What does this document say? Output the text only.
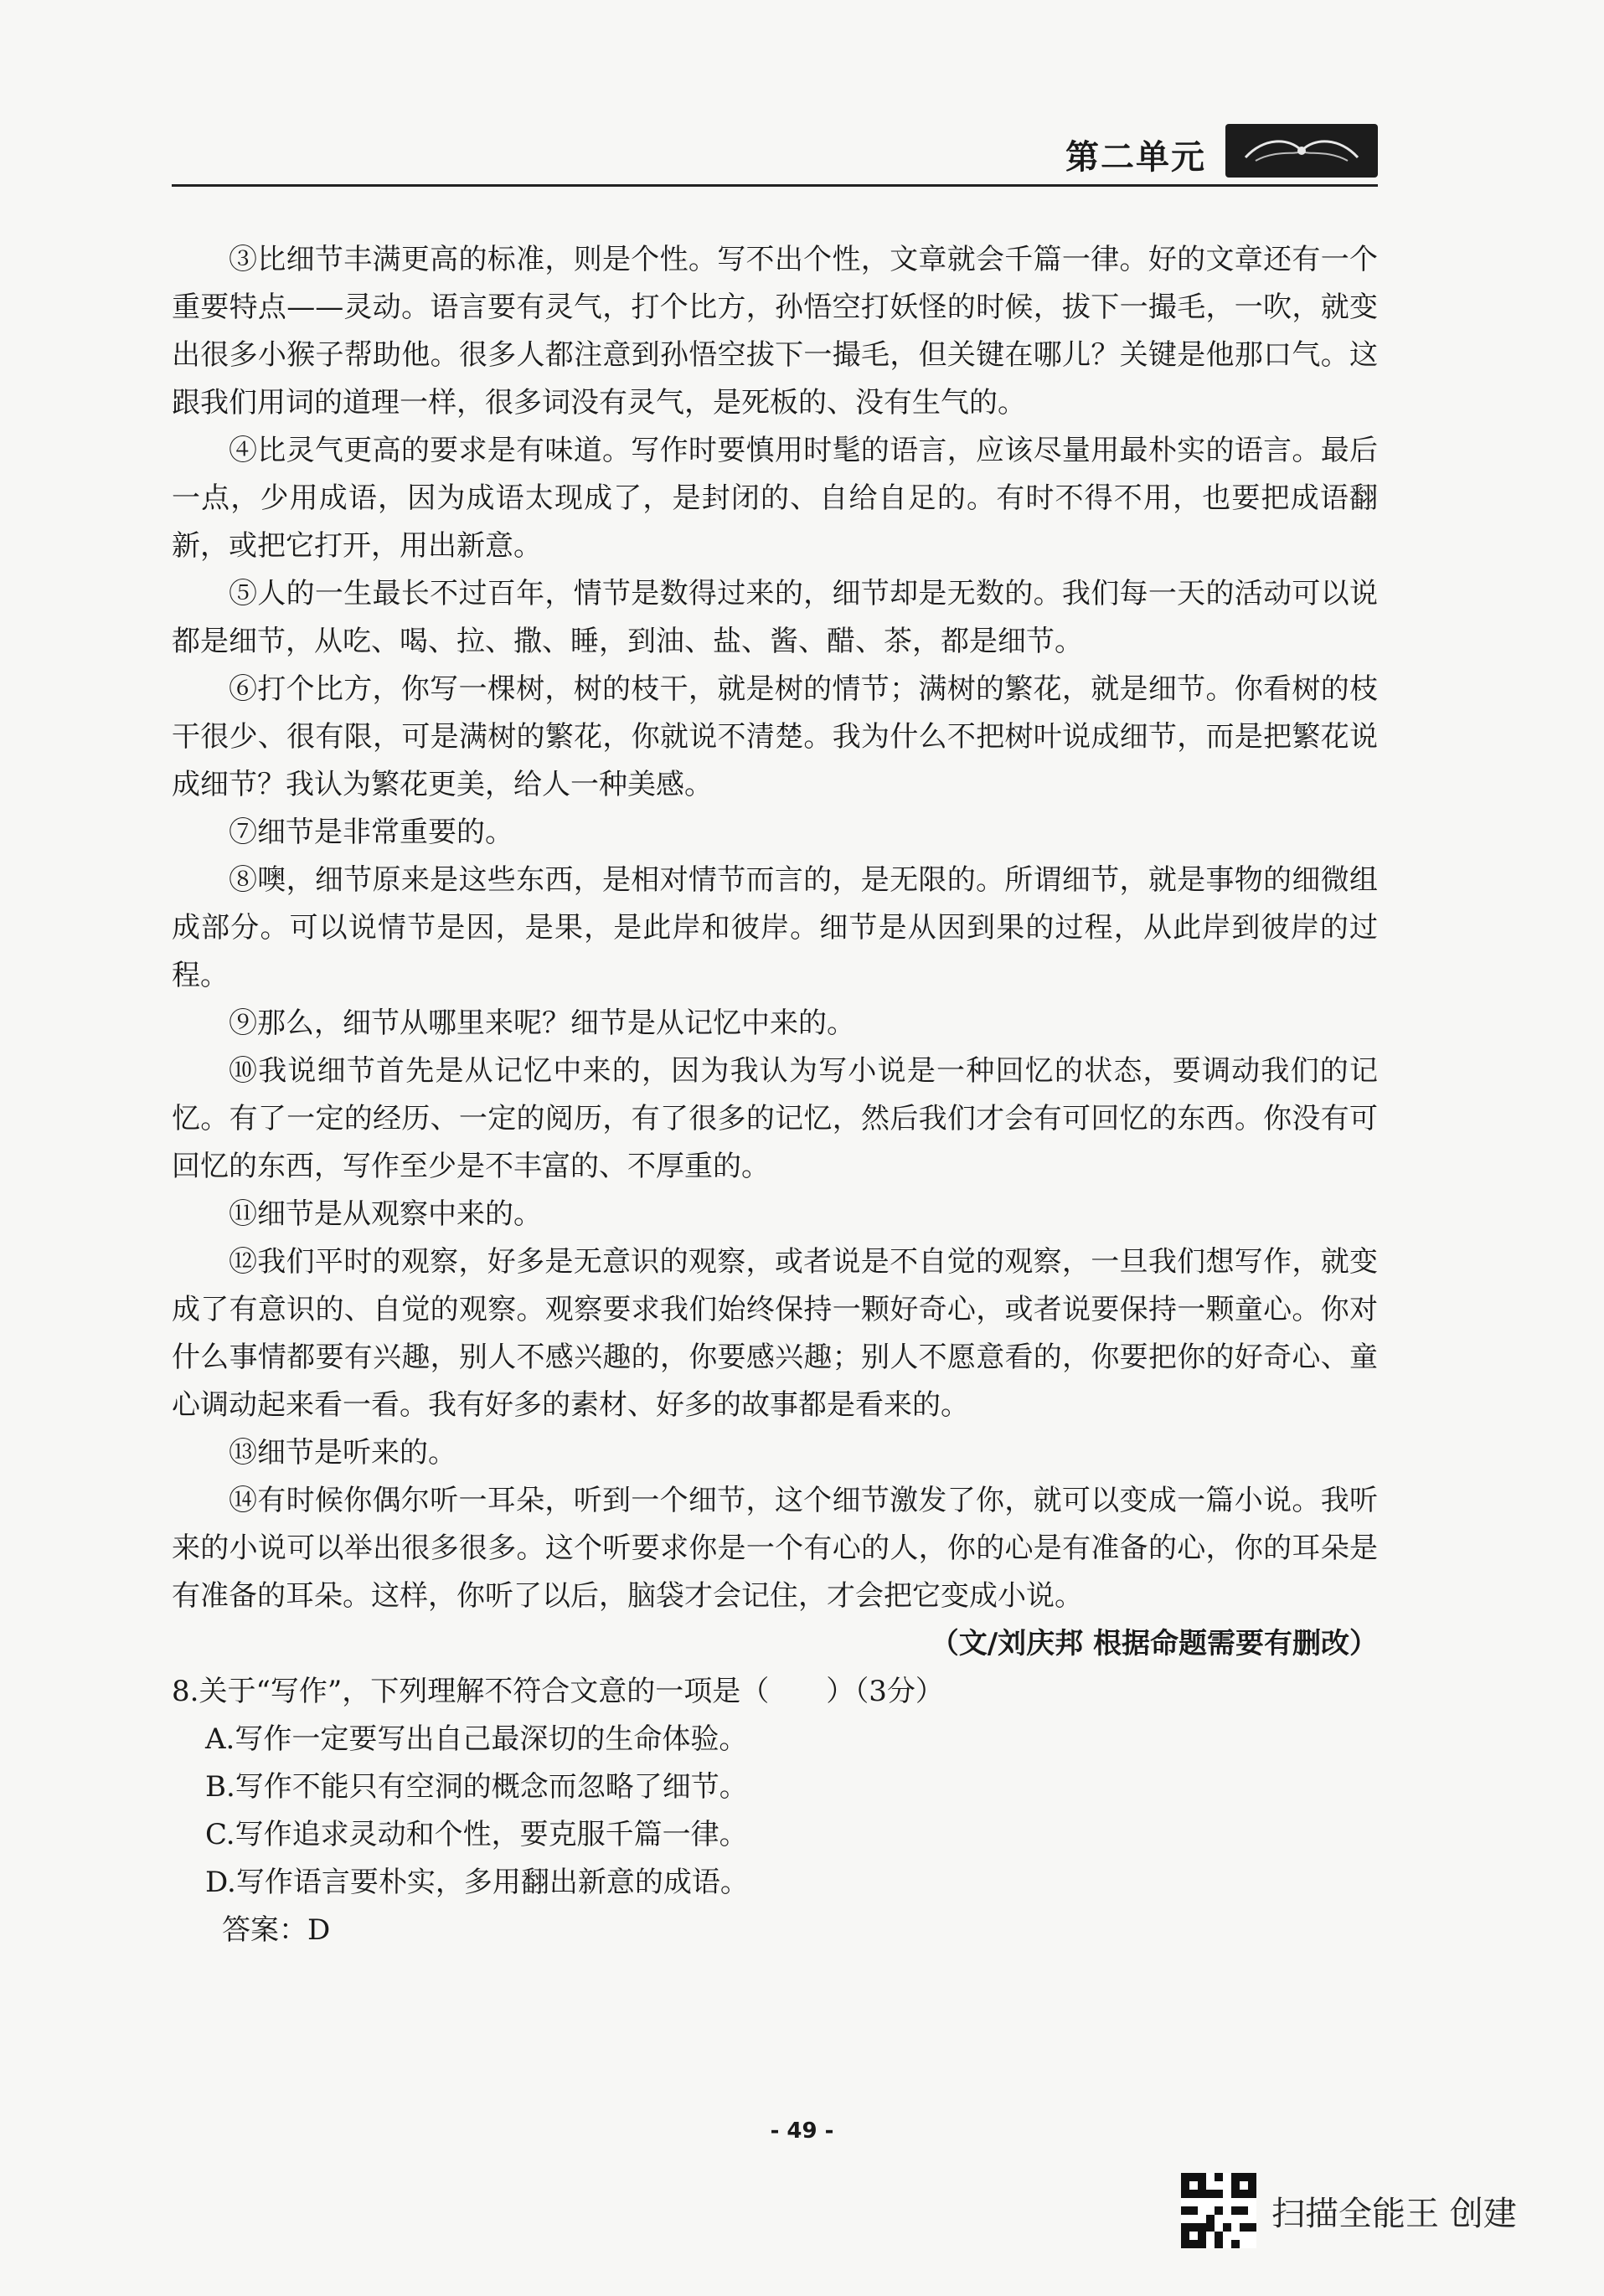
第二单元

③比细节丰满更高的标准，则是个性。写不出个性，文章就会千篇一律。好的文章还有一个重要特点——灵动。语言要有灵气，打个比方，孙悟空打妖怪的时候，拔下一撮毛，一吹，就变出很多小猴子帮助他。很多人都注意到孙悟空拔下一撮毛，但关键在哪儿？关键是他那口气。这跟我们用词的道理一样，很多词没有灵气，是死板的、没有生气的。

④比灵气更高的要求是有味道。写作时要慎用时髦的语言，应该尽量用最朴实的语言。最后一点，少用成语，因为成语太现成了，是封闭的、自给自足的。有时不得不用，也要把成语翻新，或把它打开，用出新意。

⑤人的一生最长不过百年，情节是数得过来的，细节却是无数的。我们每一天的活动可以说都是细节，从吃、喝、拉、撒、睡，到油、盐、酱、醋、茶，都是细节。

⑥打个比方，你写一棵树，树的枝干，就是树的情节；满树的繁花，就是细节。你看树的枝干很少、很有限，可是满树的繁花，你就说不清楚。我为什么不把树叶说成细节，而是把繁花说成细节？我认为繁花更美，给人一种美感。

⑦细节是非常重要的。

⑧噢，细节原来是这些东西，是相对情节而言的，是无限的。所谓细节，就是事物的细微组成部分。可以说情节是因，是果，是此岸和彼岸。细节是从因到果的过程，从此岸到彼岸的过程。

⑨那么，细节从哪里来呢？细节是从记忆中来的。

⑩我说细节首先是从记忆中来的，因为我认为写小说是一种回忆的状态，要调动我们的记忆。有了一定的经历、一定的阅历，有了很多的记忆，然后我们才会有可回忆的东西。你没有可回忆的东西，写作至少是不丰富的、不厚重的。

⑪细节是从观察中来的。

⑫我们平时的观察，好多是无意识的观察，或者说是不自觉的观察，一旦我们想写作，就变成了有意识的、自觉的观察。观察要求我们始终保持一颗好奇心，或者说要保持一颗童心。你对什么事情都要有兴趣，别人不感兴趣的，你要感兴趣；别人不愿意看的，你要把你的好奇心、童心调动起来看一看。我有好多的素材、好多的故事都是看来的。

⑬细节是听来的。

⑭有时候你偶尔听一耳朵，听到一个细节，这个细节激发了你，就可以变成一篇小说。我听来的小说可以举出很多很多。这个听要求你是一个有心的人，你的心是有准备的心，你的耳朵是有准备的耳朵。这样，你听了以后，脑袋才会记住，才会把它变成小说。

（文/刘庆邦 根据命题需要有删改）

8.关于“写作”，下列理解不符合文意的一项是（　　）（3分）

A.写作一定要写出自己最深切的生命体验。

B.写作不能只有空洞的概念而忽略了细节。

C.写作追求灵动和个性，要克服千篇一律。

D.写作语言要朴实，多用翻出新意的成语。

答案：D

- 49 -
扫描全能王 创建
